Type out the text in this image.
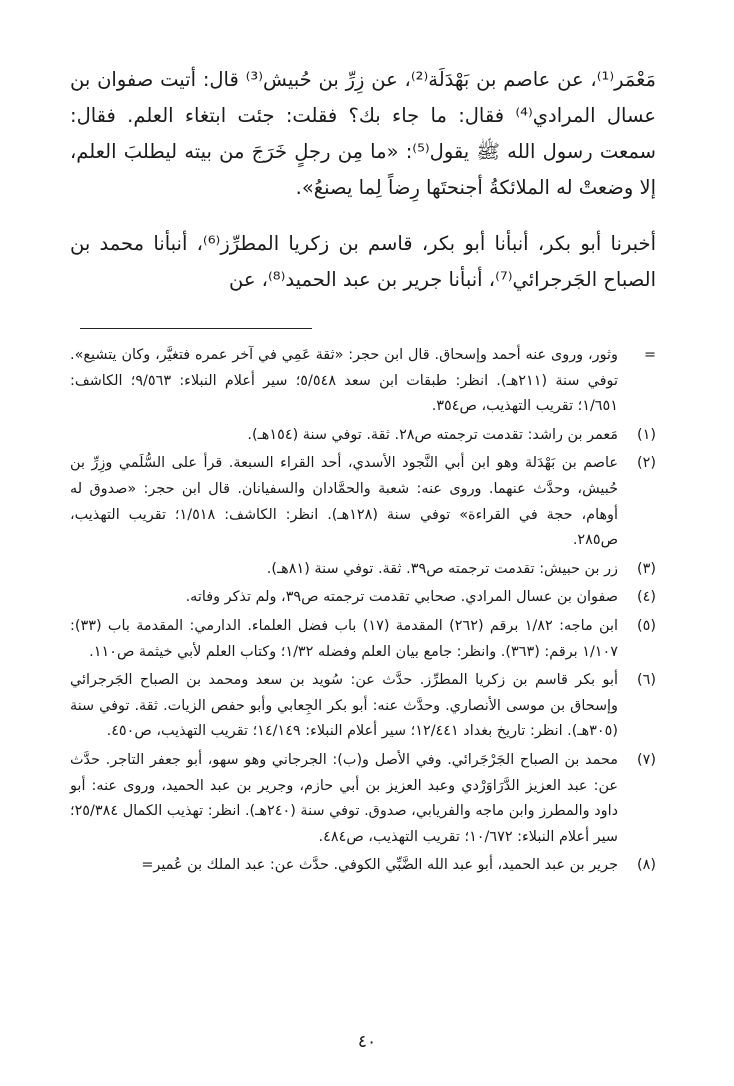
مَعْمَر⁽¹⁾، عن عاصم بن بَهْدَلَة⁽²⁾، عن زِرِّ بن حُبيش⁽³⁾ قال: أتيت صفوان بن عسال المرادي⁽⁴⁾ فقال: ما جاء بك؟ فقلت: جئت ابتغاء العلم. فقال: سمعت رسول الله ﷺ يقول⁽⁵⁾: «ما مِن رجلٍ خَرَجَ من بيته ليطلبَ العلم، إلا وضعتْ له الملائكةُ أجنحتَها رِضاً لِما يصنعُ».

أخبرنا أبو بكر، أنبأنا أبو بكر، قاسم بن زكريا المطرِّز⁽⁶⁾، أنبأنا محمد بن الصباح الجَرجرائي⁽⁷⁾، أنبأنا جرير بن عبد الحميد⁽⁸⁾، عن

=
وثور، وروى عنه أحمد وإسحاق. قال ابن حجر: «ثقة عَمِي في آخر عمره فتغيَّر، وكان يتشيع». توفي سنة (٢١١هـ). انظر: طبقات ابن سعد ٥/٥٤٨؛ سير أعلام النبلاء: ٩/٥٦٣؛ الكاشف: ١/٦٥١؛ تقريب التهذيب، ص٣٥٤.
(١)
مَعمر بن راشد: تقدمت ترجمته ص٢٨. ثقة. توفي سنة (١٥٤هـ).
(٢)
عاصم بن بَهْدَلة وهو ابن أبي النَّجود الأسدي، أحد القراء السبعة. قرأ على السُّلَمي وزِرِّ بن حُبيش، وحدَّث عنهما. وروى عنه: شعبة والحمَّادان والسفيانان. قال ابن حجر: «صدوق له أوهام، حجة في القراءة» توفي سنة (١٢٨هـ). انظر: الكاشف: ١/٥١٨؛ تقريب التهذيب، ص٢٨٥.
(٣)
زر بن حبيش: تقدمت ترجمته ص٣٩. ثقة. توفي سنة (٨١هـ).
(٤)
صفوان بن عسال المرادي. صحابي تقدمت ترجمته ص٣٩، ولم تذكر وفاته.
(٥)
ابن ماجه: ١/٨٢ برقم (٢٦٢) المقدمة (١٧) باب فضل العلماء. الدارمي: المقدمة باب (٣٣): ١/١٠٧ برقم: (٣٦٣). وانظر: جامع بيان العلم وفضله ١/٣٢؛ وكتاب العلم لأبي خيثمة ص١١٠.
(٦)
أبو بكر قاسم بن زكريا المطرِّز. حدَّث عن: سُويد بن سعد ومحمد بن الصباح الجَرجرائي وإسحاق بن موسى الأنصاري. وحدَّث عنه: أبو بكر الجِعابي وأبو حفص الزيات. ثقة. توفي سنة (٣٠٥هـ). انظر: تاريخ بغداد ١٢/٤٤١؛ سير أعلام النبلاء: ١٤/١٤٩؛ تقريب التهذيب، ص٤٥٠.
(٧)
محمد بن الصباح الجَرْجَرائي. وفي الأصل و(ب): الجرجاني وهو سهو، أبو جعفر التاجر. حدَّث عن: عبد العزيز الدَّرَاوَرْدي وعبد العزيز بن أبي حازم، وجرير بن عبد الحميد، وروى عنه: أبو داود والمطرز وابن ماجه والفريابي، صدوق. توفي سنة (٢٤٠هـ). انظر: تهذيب الكمال ٢٥/٣٨٤؛ سير أعلام النبلاء: ١٠/٦٧٢؛ تقريب التهذيب، ص٤٨٤.
(٨)
جرير بن عبد الحميد، أبو عبد الله الضَّبِّي الكوفي. حدَّث عن: عبد الملك بن عُمير=
٤٠
